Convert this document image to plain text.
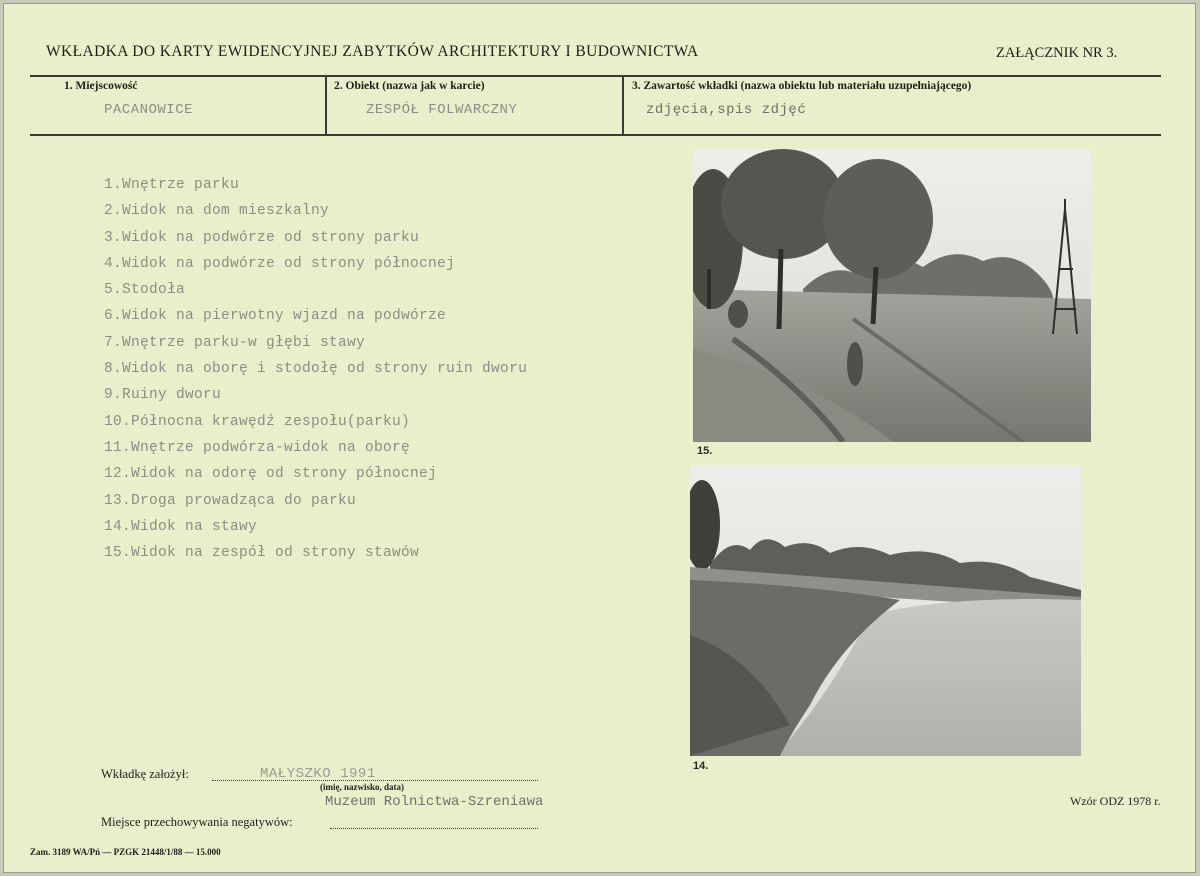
WKŁADKA DO KARTY EWIDENCYJNEJ ZABYTKÓW ARCHITEKTURY I BUDOWNICTWA	ZAŁĄCZNIK NR 3.
1. Miejscowość
PACANOWICE
2. Obiekt (nazwa jak w karcie)
ZESPÓŁ FOLWARCZNY
3. Zawartość wkładki (nazwa obiektu lub materiału uzupełniającego)
zdjęcia,spis zdjęć
1.Wnętrze parku
2.Widok na dom mieszkalny
3.Widok na podwórze od strony parku
4.Widok na podwórze od strony północnej
5.Stodoła
6.Widok na pierwotny wjazd na podwórze
7.Wnętrze parku-w głębi stawy
8.Widok na oborę i stodołę od strony ruin dworu
9.Ruiny dworu
10.Północna krawędź zespołu(parku)
11.Wnętrze podwórza-widok na oborę
12.Widok na odorę od strony północnej
13.Droga prowadząca do parku
14.Widok na stawy
15.Widok na zespół od strony stawów
15.
14.
Wkładkę założył:	MAŁYSZKO 1991
(imię, nazwisko, data)
Muzeum Rolnictwa-Szreniawa
Miejsce przechowywania negatywów:
Wzór ODZ 1978 r.
Zam. 3189 WA/Pń — PZGK 21448/1/88 — 15.000
